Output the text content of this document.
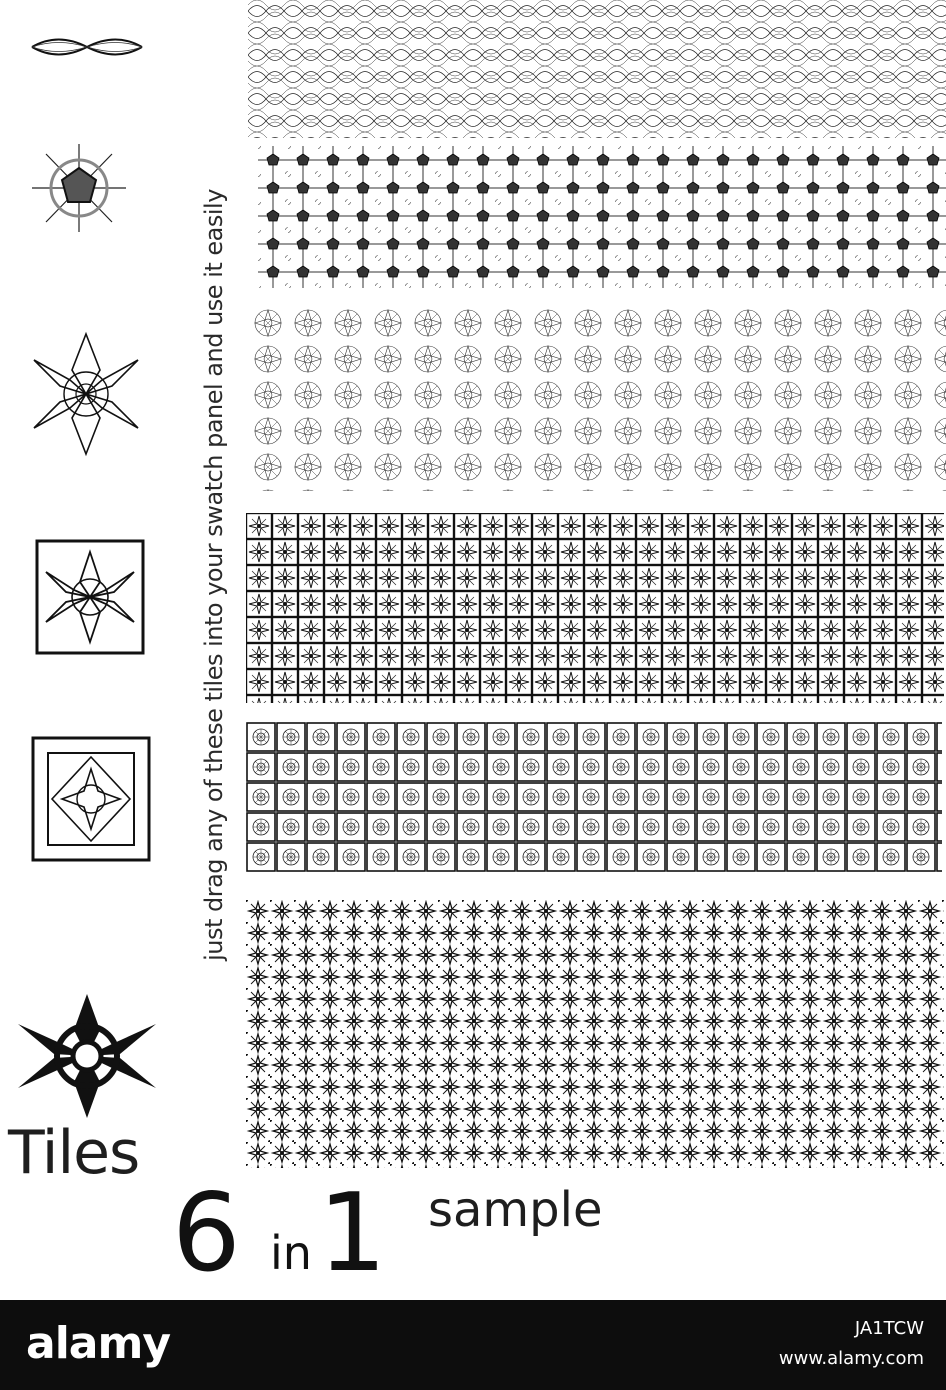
just drag any of these tiles into your swatch panel and use it easily
Tiles
6 in 1 sample
alamy	JA1TCW
www.alamy.com
